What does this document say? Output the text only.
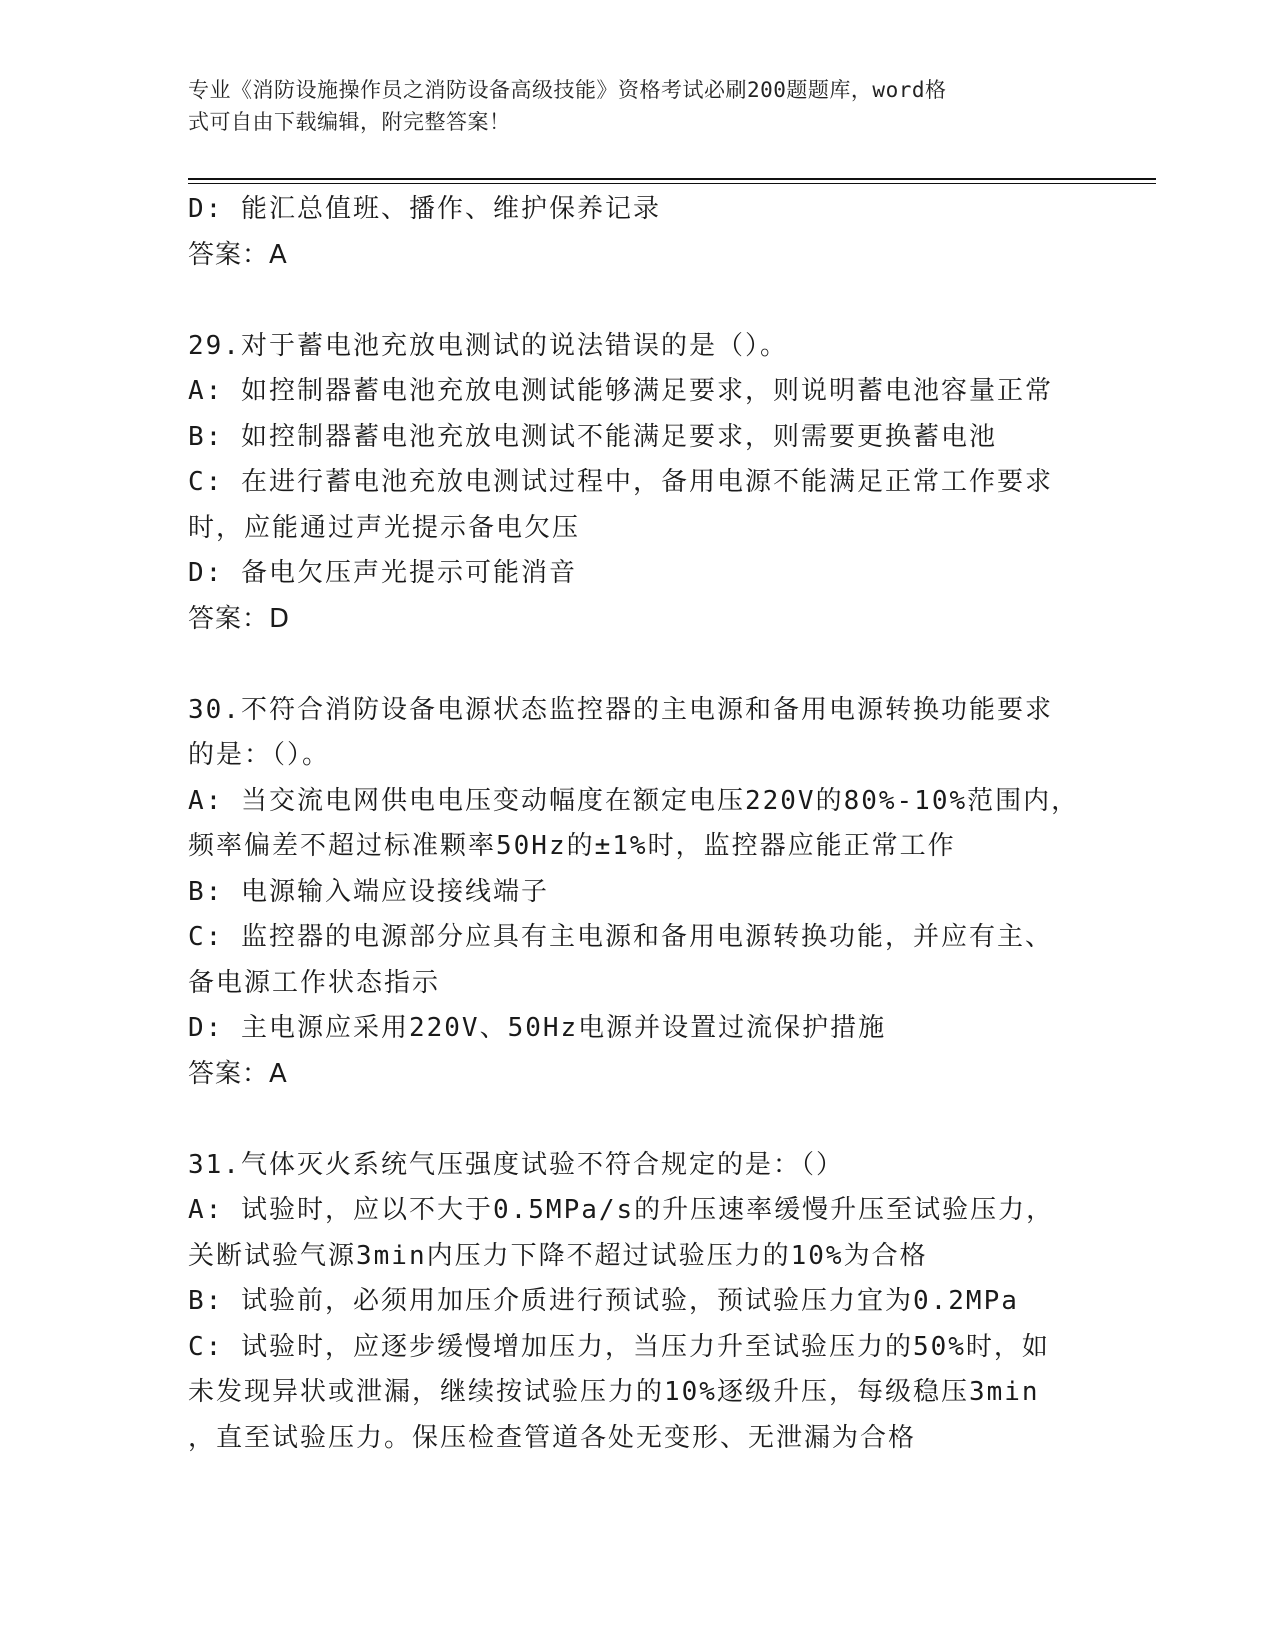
专业《消防设施操作员之消防设备高级技能》资格考试必刷200题题库，word格
式可自由下载编辑，附完整答案！
D: 能汇总值班、播作、维护保养记录
答案：A
29.对于蓄电池充放电测试的说法错误的是（）。
A: 如控制器蓄电池充放电测试能够满足要求，则说明蓄电池容量正常
B: 如控制器蓄电池充放电测试不能满足要求，则需要更换蓄电池
C: 在进行蓄电池充放电测试过程中，备用电源不能满足正常工作要求
时，应能通过声光提示备电欠压
D: 备电欠压声光提示可能消音
答案：D
30.不符合消防设备电源状态监控器的主电源和备用电源转换功能要求
的是：（）。
A: 当交流电网供电电压变动幅度在额定电压220V的80%-10%范围内，
频率偏差不超过标准颗率50Hz的±1%时，监控器应能正常工作
B: 电源输入端应设接线端子
C: 监控器的电源部分应具有主电源和备用电源转换功能，并应有主、
备电源工作状态指示
D: 主电源应采用220V、50Hz电源并设置过流保护措施
答案：A
31.气体灭火系统气压强度试验不符合规定的是：（）
A: 试验时，应以不大于0.5MPa/s的升压速率缓慢升压至试验压力，
关断试验气源3min内压力下降不超过试验压力的10%为合格
B: 试验前，必须用加压介质进行预试验，预试验压力宜为0.2MPa
C: 试验时，应逐步缓慢增加压力，当压力升至试验压力的50%时，如
未发现异状或泄漏，继续按试验压力的10%逐级升压，每级稳压3min
，直至试验压力。保压检查管道各处无变形、无泄漏为合格
